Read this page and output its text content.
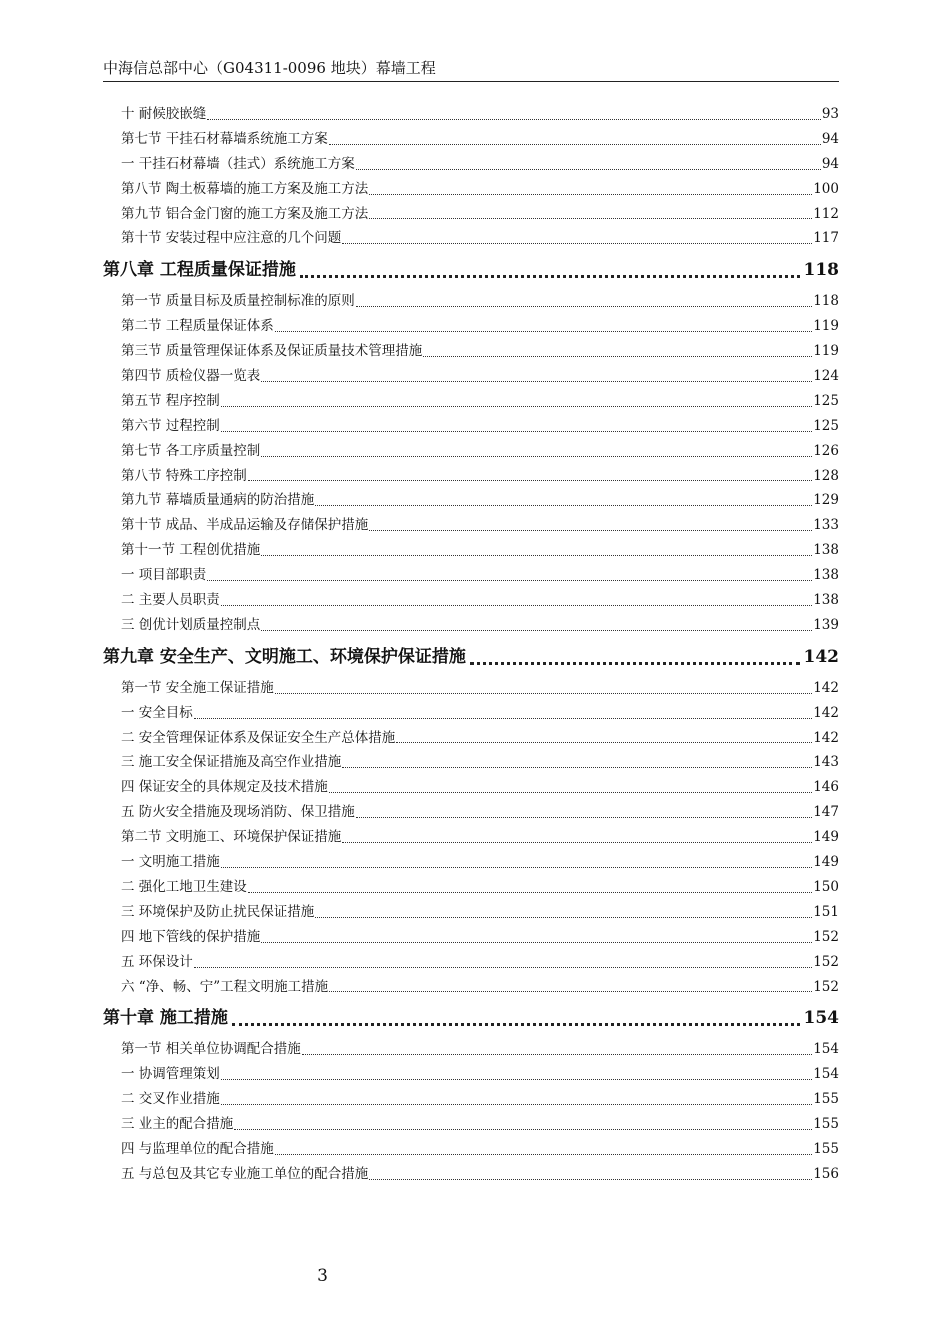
中海信总部中心（G04311-0096 地块）幕墙工程
十 耐候胶嵌缝	93
第七节 干挂石材幕墙系统施工方案	94
一 干挂石材幕墙（挂式）系统施工方案	94
第八节 陶土板幕墙的施工方案及施工方法	100
第九节 铝合金门窗的施工方案及施工方法	112
第十节 安装过程中应注意的几个问题	117
第八章 工程质量保证措施	118
第一节 质量目标及质量控制标准的原则	118
第二节 工程质量保证体系	119
第三节 质量管理保证体系及保证质量技术管理措施	119
第四节 质检仪器一览表	124
第五节 程序控制	125
第六节 过程控制	125
第七节 各工序质量控制	126
第八节 特殊工序控制	128
第九节 幕墙质量通病的防治措施	129
第十节 成品、半成品运输及存储保护措施	133
第十一节 工程创优措施	138
一 项目部职责	138
二 主要人员职责	138
三 创优计划质量控制点	139
第九章 安全生产、文明施工、环境保护保证措施	142
第一节 安全施工保证措施	142
一 安全目标	142
二 安全管理保证体系及保证安全生产总体措施	142
三 施工安全保证措施及高空作业措施	143
四 保证安全的具体规定及技术措施	146
五 防火安全措施及现场消防、保卫措施	147
第二节 文明施工、环境保护保证措施	149
一 文明施工措施	149
二 强化工地卫生建设	150
三 环境保护及防止扰民保证措施	151
四 地下管线的保护措施	152
五 环保设计	152
六 “净、畅、宁”工程文明施工措施	152
第十章 施工措施	154
第一节 相关单位协调配合措施	154
一 协调管理策划	154
二 交叉作业措施	155
三 业主的配合措施	155
四 与监理单位的配合措施	155
五 与总包及其它专业施工单位的配合措施	156
3
